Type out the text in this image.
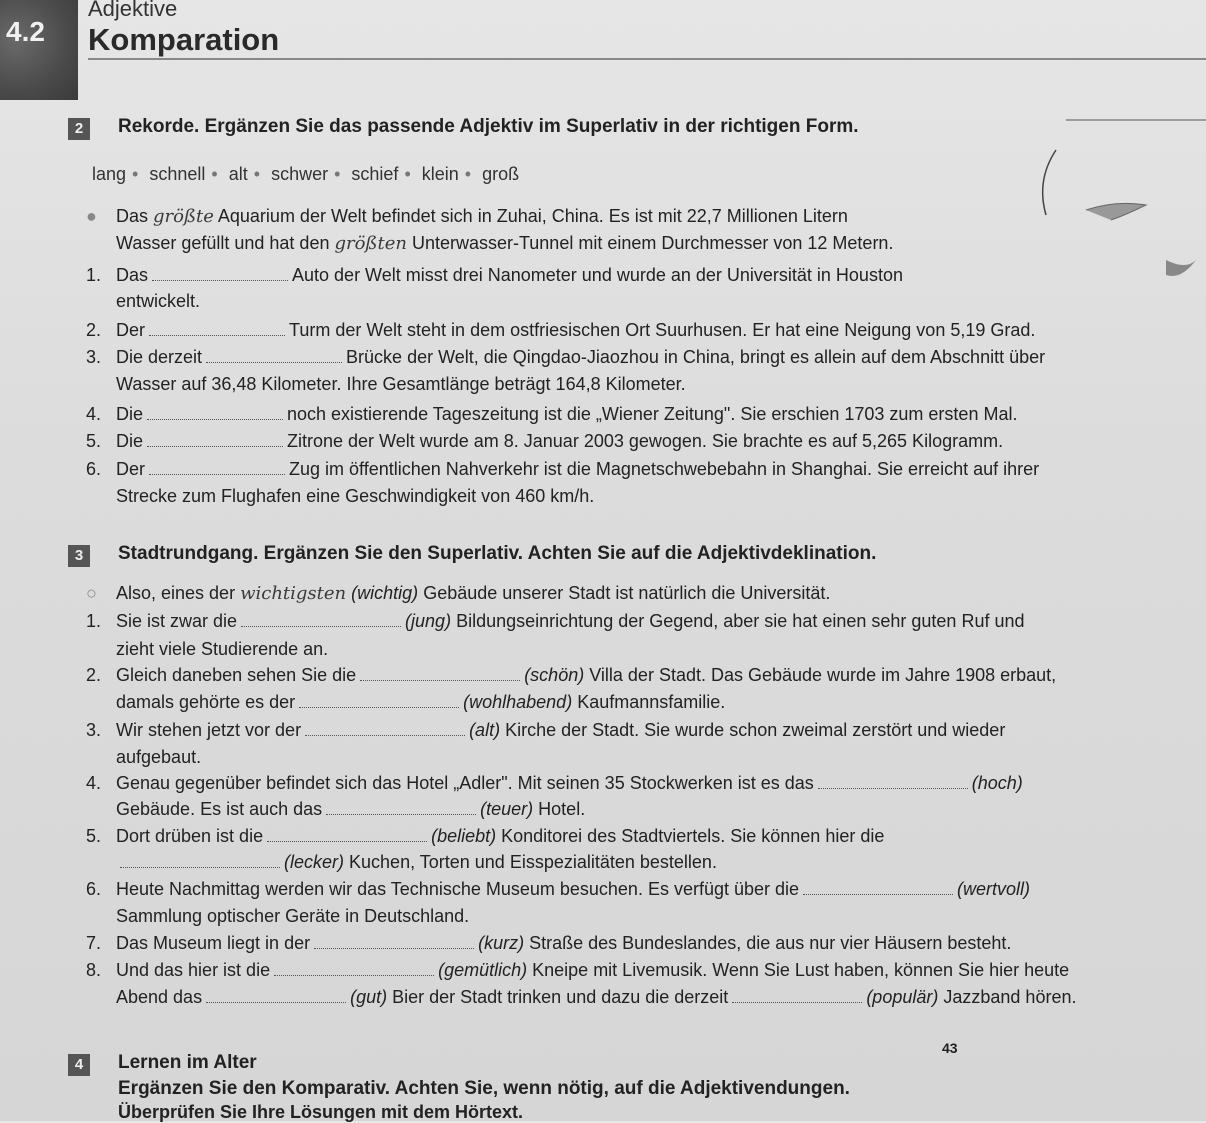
4.2
Adjektive
Komparation
2	Rekorde. Ergänzen Sie das passende Adjektiv im Superlativ in der richtigen Form.
lang • schnell • alt • schwer • schief • klein • groß
● Das größte Aquarium der Welt befindet sich in Zuhai, China. Es ist mit 22,7 Millionen Litern
Wasser gefüllt und hat den größten Unterwasser-Tunnel mit einem Durchmesser von 12 Metern.
1. Das	Auto der Welt misst drei Nanometer und wurde an der Universität in Houston
entwickelt.
2. Der	Turm der Welt steht in dem ostfriesischen Ort Suurhusen. Er hat eine Neigung von 5,19 Grad.
3. Die derzeit	Brücke der Welt, die Qingdao-Jiaozhou in China, bringt es allein auf dem Abschnitt über
Wasser auf 36,48 Kilometer. Ihre Gesamtlänge beträgt 164,8 Kilometer.
4. Die	noch existierende Tageszeitung ist die „Wiener Zeitung". Sie erschien 1703 zum ersten Mal.
5. Die	Zitrone der Welt wurde am 8. Januar 2003 gewogen. Sie brachte es auf 5,265 Kilogramm.
6. Der	Zug im öffentlichen Nahverkehr ist die Magnetschwebebahn in Shanghai. Sie erreicht auf ihrer
Strecke zum Flughafen eine Geschwindigkeit von 460 km/h.
3	Stadtrundgang. Ergänzen Sie den Superlativ. Achten Sie auf die Adjektivdeklination.
○ Also, eines der wichtigsten (wichtig) Gebäude unserer Stadt ist natürlich die Universität.
1. Sie ist zwar die	(jung) Bildungseinrichtung der Gegend, aber sie hat einen sehr guten Ruf und
zieht viele Studierende an.
2. Gleich daneben sehen Sie die	(schön) Villa der Stadt. Das Gebäude wurde im Jahre 1908 erbaut,
damals gehörte es der	(wohlhabend) Kaufmannsfamilie.
3. Wir stehen jetzt vor der	(alt) Kirche der Stadt. Sie wurde schon zweimal zerstört und wieder
aufgebaut.
4. Genau gegenüber befindet sich das Hotel „Adler". Mit seinen 35 Stockwerken ist es das	(hoch)
Gebäude. Es ist auch das	(teuer) Hotel.
5. Dort drüben ist die	(beliebt) Konditorei des Stadtviertels. Sie können hier die
(lecker) Kuchen, Torten und Eisspezialitäten bestellen.
6. Heute Nachmittag werden wir das Technische Museum besuchen. Es verfügt über die	(wertvoll)
Sammlung optischer Geräte in Deutschland.
7. Das Museum liegt in der	(kurz) Straße des Bundeslandes, die aus nur vier Häusern besteht.
8. Und das hier ist die	(gemütlich) Kneipe mit Livemusik. Wenn Sie Lust haben, können Sie hier heute
Abend das	(gut) Bier der Stadt trinken und dazu die derzeit	(populär) Jazzband hören.
43
4	Lernen im Alter
Ergänzen Sie den Komparativ. Achten Sie, wenn nötig, auf die Adjektivendungen.
Überprüfen Sie Ihre Lösungen mit dem Hörtext.
